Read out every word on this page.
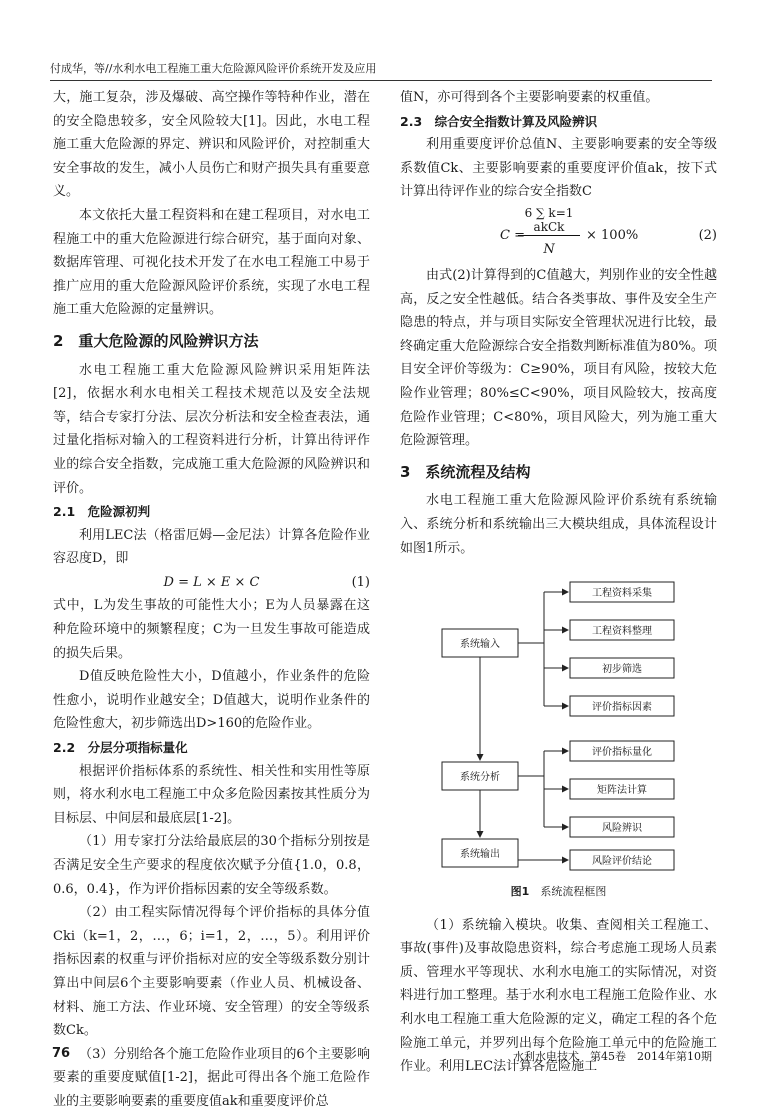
付成华，等//水利水电工程施工重大危险源风险评价系统开发及应用

大，施工复杂，涉及爆破、高空操作等特种作业，潜在的安全隐患较多，安全风险较大[1]。因此，水电工程施工重大危险源的界定、辨识和风险评价，对控制重大安全事故的发生，减小人员伤亡和财产损失具有重要意义。

本文依托大量工程资料和在建工程项目，对水电工程施工中的重大危险源进行综合研究，基于面向对象、数据库管理、可视化技术开发了在水电工程施工中易于推广应用的重大危险源风险评价系统，实现了水电工程施工重大危险源的定量辨识。

2　重大危险源的风险辨识方法

水电工程施工重大危险源风险辨识采用矩阵法[2]，依据水利水电相关工程技术规范以及安全法规等，结合专家打分法、层次分析法和安全检查表法，通过量化指标对输入的工程资料进行分析，计算出待评作业的综合安全指数，完成施工重大危险源的风险辨识和评价。

2.1　危险源初判

利用LEC法（格雷厄姆—金尼法）计算各危险作业容忍度D，即

D = L × E × C	(1)

式中，L为发生事故的可能性大小；E为人员暴露在这种危险环境中的频繁程度；C为一旦发生事故可能造成的损失后果。

D值反映危险性大小，D值越小，作业条件的危险性愈小，说明作业越安全；D值越大，说明作业条件的危险性愈大，初步筛选出D>160的危险作业。

2.2　分层分项指标量化

根据评价指标体系的系统性、相关性和实用性等原则，将水利水电工程施工中众多危险因素按其性质分为目标层、中间层和最底层[1-2]。

（1）用专家打分法给最底层的30个指标分别按是否满足安全生产要求的程度依次赋予分值{1.0，0.8，0.6，0.4}，作为评价指标因素的安全等级系数。

（2）由工程实际情况得每个评价指标的具体分值Cki（k=1，2，…，6；i=1，2，…，5）。利用评价指标因素的权重与评价指标对应的安全等级系数分别计算出中间层6个主要影响要素（作业人员、机械设备、材料、施工方法、作业环境、安全管理）的安全等级系数Ck。

（3）分别给各个施工危险作业项目的6个主要影响要素的重要度赋值[1-2]，据此可得出各个施工危险作业的主要影响要素的重要度值ak和重要度评价总

值N，亦可得到各个主要影响要素的权重值。

2.3　综合安全指数计算及风险辨识

利用重要度评价总值N、主要影响要素的安全等级系数值Ck、主要影响要素的重要度评价值ak，按下式计算出待评作业的综合安全指数C

C =
6 ∑ k=1 akCk
N
× 100%	(2)

由式(2)计算得到的C值越大，判别作业的安全性越高，反之安全性越低。结合各类事故、事件及安全生产隐患的特点，并与项目实际安全管理状况进行比较，最终确定重大危险源综合安全指数判断标准值为80%。项目安全评价等级为：C≥90%，项目有风险，按较大危险作业管理；80%≤C<90%，项目风险较大，按高度危险作业管理；C<80%，项目风险大，列为施工重大危险源管理。

3　系统流程及结构

水电工程施工重大危险源风险评价系统有系统输入、系统分析和系统输出三大模块组成，具体流程设计如图1所示。

系统输入
系统分析
系统输出
工程资料采集
工程资料整理
初步筛选
评价指标因素
评价指标量化
矩阵法计算
风险辨识
风险评价结论
图1　 系统流程框图

（1）系统输入模块。收集、查阅相关工程施工、事故(事件)及事故隐患资料，综合考虑施工现场人员素质、管理水平等现状、水利水电施工的实际情况，对资料进行加工整理。基于水利水电工程施工危险作业、水利水电工程施工重大危险源的定义，确定工程的各个危险施工单元，并罗列出每个危险施工单元中的危险施工作业。利用LEC法计算各危险施工

76	水利水电技术　第45卷　2014年第10期
